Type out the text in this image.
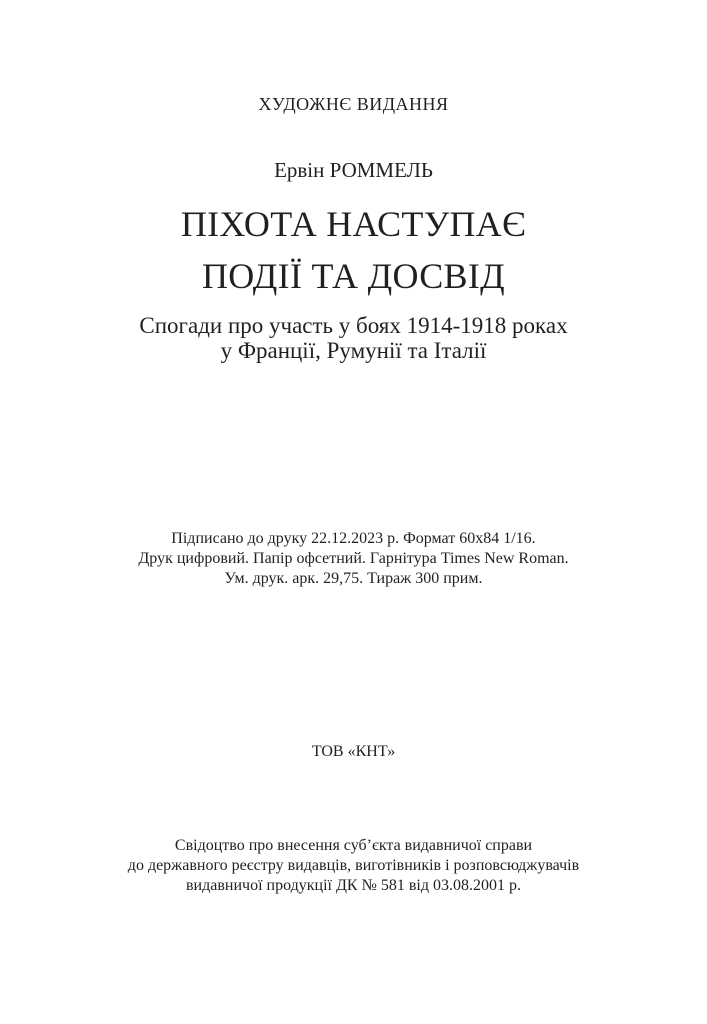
ХУДОЖНЄ ВИДАННЯ
Ервін РОММЕЛЬ
ПІХОТА НАСТУПАЄ
ПОДІЇ ТА ДОСВІД
Спогади про участь у боях 1914-1918 роках
у Франції, Румунії та Італії
Підписано до друку 22.12.2023 р. Формат 60x84 1/16.
Друк цифровий. Папір офсетний. Гарнітура Times New Roman.
Ум. друк. арк. 29,75. Тираж 300 прим.
ТОВ «КНТ»
Свідоцтво про внесення суб’єкта видавничої справи
до державного реєстру видавців, виготівників і розповсюджувачів
видавничої продукції ДК № 581 від 03.08.2001 р.
